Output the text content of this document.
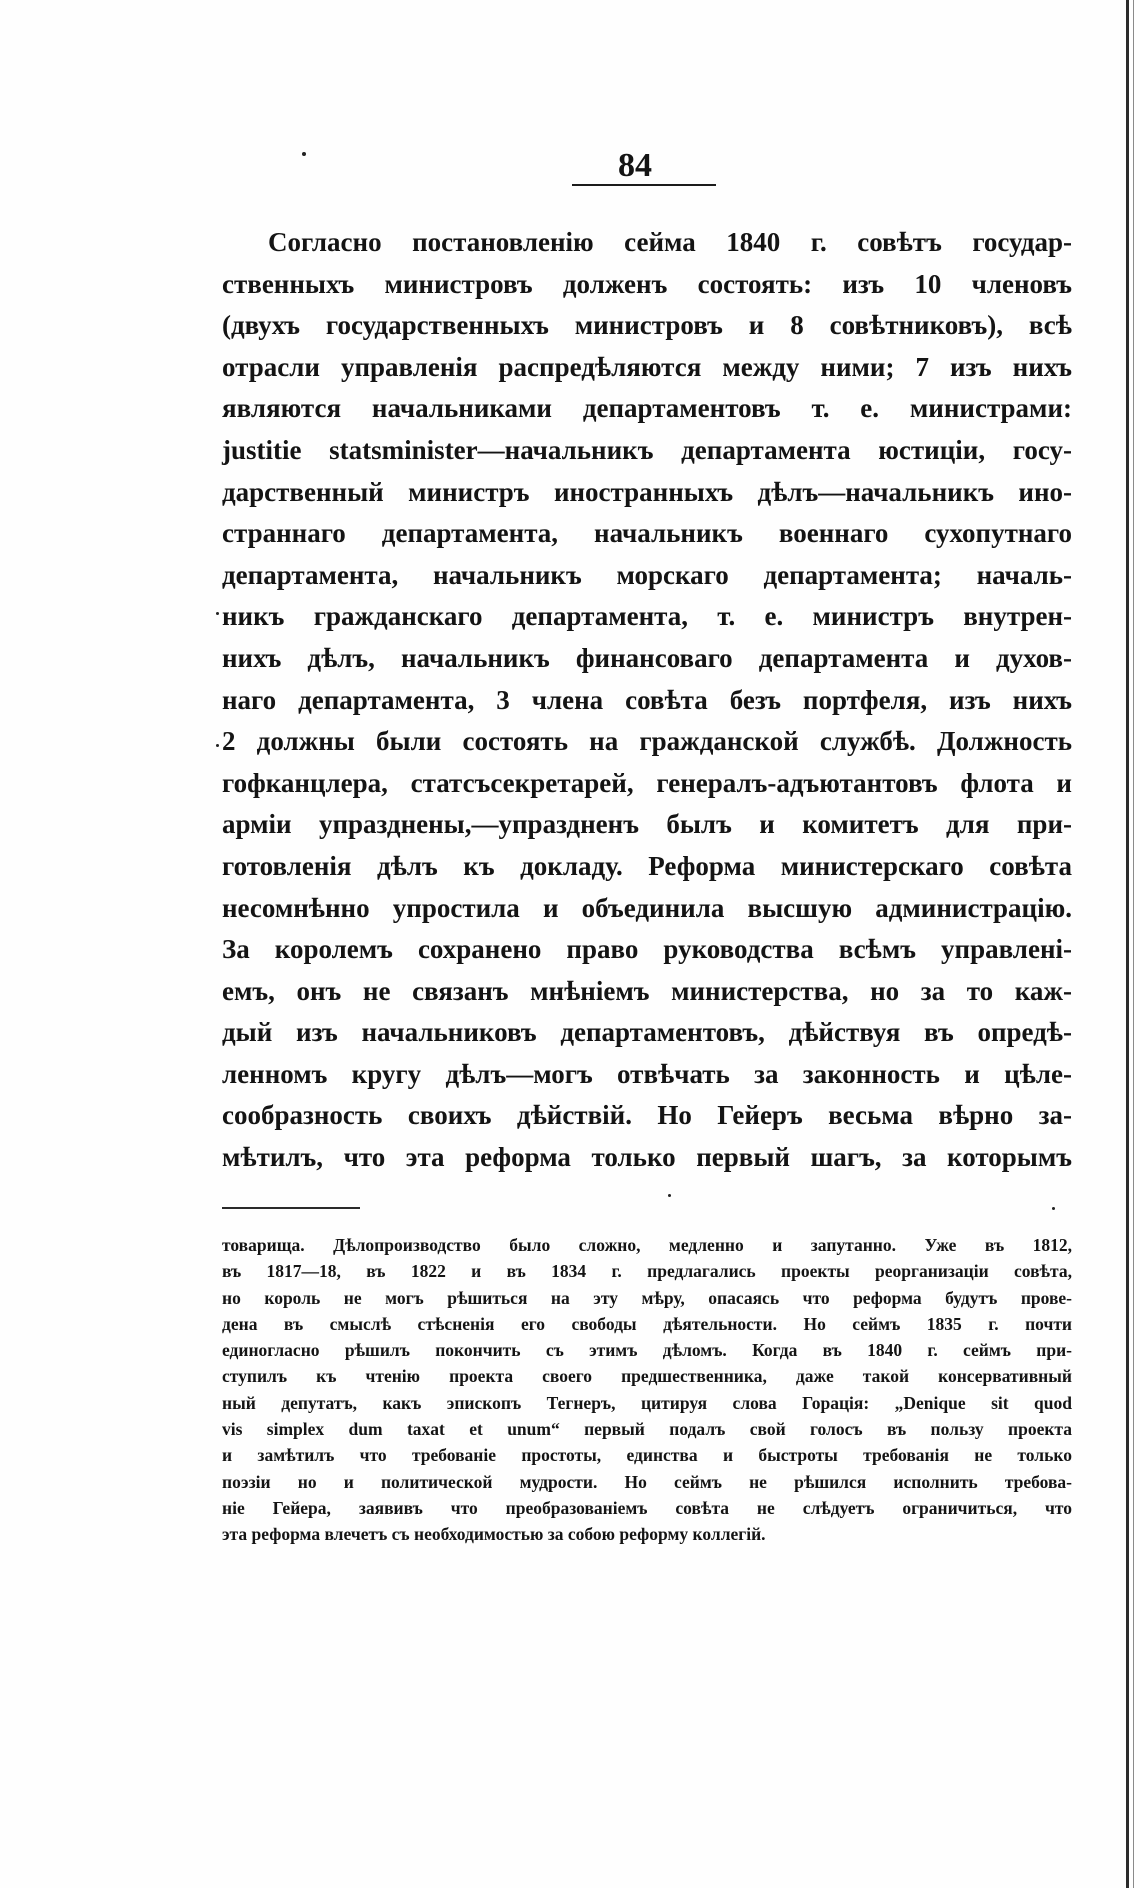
84
Согласно постановленію сейма 1840 г. совѣтъ государ-
ственныхъ министровъ долженъ состоять: изъ 10 членовъ
(двухъ государственныхъ министровъ и 8 совѣтниковъ), всѣ
отрасли управленія распредѣляются между ними; 7 изъ нихъ
являются начальниками департаментовъ т. е. министрами:
justitie statsminister—начальникъ департамента юстиціи, госу-
дарственный министръ иностранныхъ дѣлъ—начальникъ ино-
страннаго департамента, начальникъ военнаго сухопутнаго
департамента, начальникъ морскаго департамента; началь-
никъ гражданскаго департамента, т. е. министръ внутрен-
нихъ дѣлъ, начальникъ финансоваго департамента и духов-
наго департамента, 3 члена совѣта безъ портфеля, изъ нихъ
2 должны были состоять на гражданской службѣ. Должность
гофканцлера, статсъсекретарей, генералъ-адъютантовъ флота и
арміи упразднены,—упраздненъ былъ и комитетъ для при-
готовленія дѣлъ къ докладу. Реформа министерскаго совѣта
несомнѣнно упростила и объединила высшую администрацію.
За королемъ сохранено право руководства всѣмъ управлені-
емъ, онъ не связанъ мнѣніемъ министерства, но за то каж-
дый изъ начальниковъ департаментовъ, дѣйствуя въ опредѣ-
ленномъ кругу дѣлъ—могъ отвѣчать за законность и цѣле-
сообразность своихъ дѣйствій. Но Гейеръ весьма вѣрно за-
мѣтилъ, что эта реформа только первый шагъ, за которымъ
товарища. Дѣлопроизводство было сложно, медленно и запутанно. Уже въ 1812,
въ 1817—18, въ 1822 и въ 1834 г. предлагались проекты реорганизаціи совѣта,
но король не могъ рѣшиться на эту мѣру, опасаясь что реформа будутъ прове-
дена въ смыслѣ стѣсненія его свободы дѣятельности. Но сеймъ 1835 г. почти
единогласно рѣшилъ покончить съ этимъ дѣломъ. Когда въ 1840 г. сеймъ при-
ступилъ къ чтенію проекта своего предшественника, даже такой консервативный
ный депутатъ, какъ эпископъ Тегнеръ, цитируя слова Горація: „Denique sit quod
vis simplex dum taxat et unum“ первый подалъ свой голосъ въ пользу проекта
и замѣтилъ что требованіе простоты, единства и быстроты требованія не только
поэзіи но и политической мудрости. Но сеймъ не рѣшился исполнить требова-
ніе Гейера, заявивъ что преобразованіемъ совѣта не слѣдуетъ ограничиться, что
эта реформа влечетъ съ необходимостью за собою реформу коллегій.
